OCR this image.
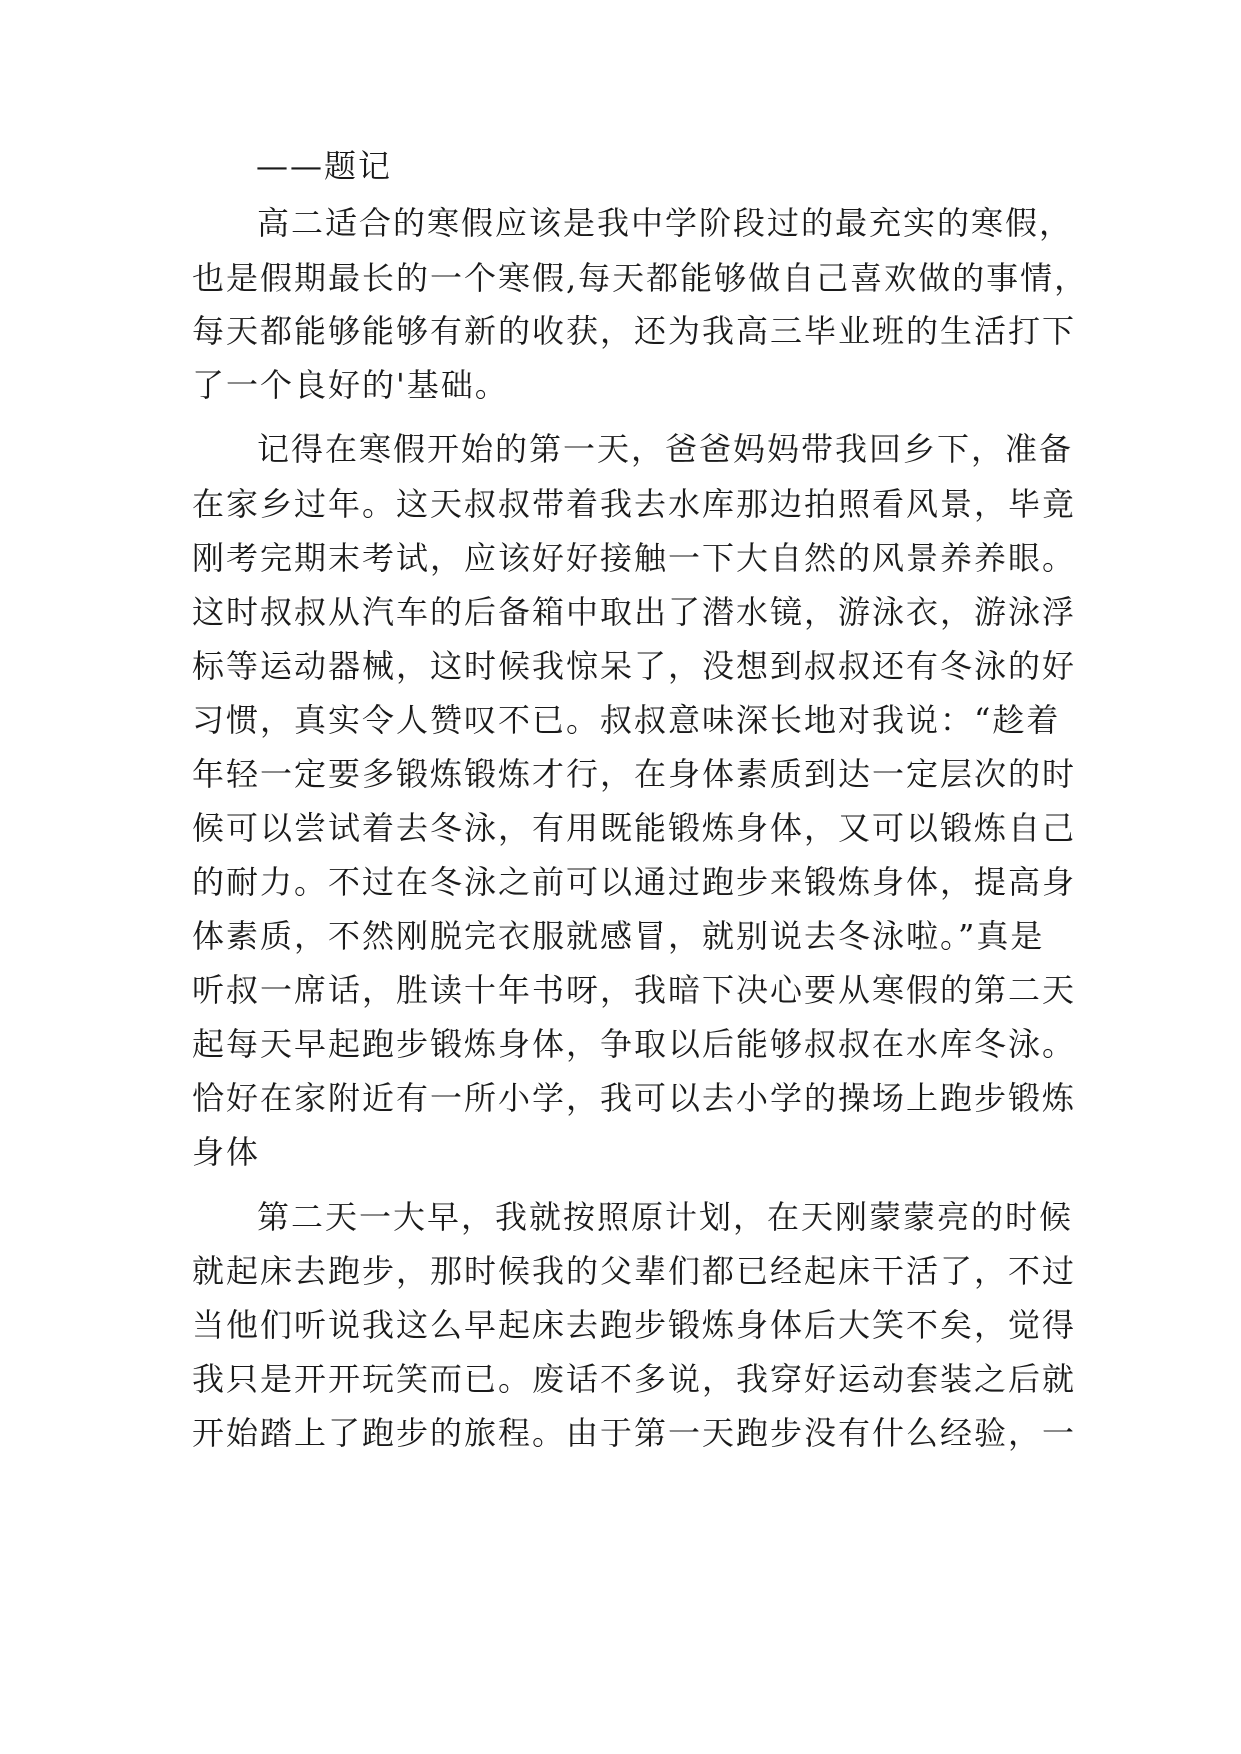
——题记
高二适合的寒假应该是我中学阶段过的最充实的寒假，
也是假期最长的一个寒假,每天都能够做自己喜欢做的事情，
每天都能够能够有新的收获，还为我高三毕业班的生活打下
了一个良好的'基础。
记得在寒假开始的第一天，爸爸妈妈带我回乡下，准备
在家乡过年。这天叔叔带着我去水库那边拍照看风景，毕竟
刚考完期末考试，应该好好接触一下大自然的风景养养眼。
这时叔叔从汽车的后备箱中取出了潜水镜，游泳衣，游泳浮
标等运动器械，这时候我惊呆了，没想到叔叔还有冬泳的好
习惯，真实令人赞叹不已。叔叔意味深长地对我说：“趁着
年轻一定要多锻炼锻炼才行，在身体素质到达一定层次的时
候可以尝试着去冬泳，有用既能锻炼身体，又可以锻炼自己
的耐力。不过在冬泳之前可以通过跑步来锻炼身体，提高身
体素质，不然刚脱完衣服就感冒，就别说去冬泳啦。”真是
听叔一席话，胜读十年书呀，我暗下决心要从寒假的第二天
起每天早起跑步锻炼身体，争取以后能够叔叔在水库冬泳。
恰好在家附近有一所小学，我可以去小学的操场上跑步锻炼
身体
第二天一大早，我就按照原计划，在天刚蒙蒙亮的时候
就起床去跑步，那时候我的父辈们都已经起床干活了，不过
当他们听说我这么早起床去跑步锻炼身体后大笑不矣，觉得
我只是开开玩笑而已。废话不多说，我穿好运动套装之后就
开始踏上了跑步的旅程。由于第一天跑步没有什么经验，一
